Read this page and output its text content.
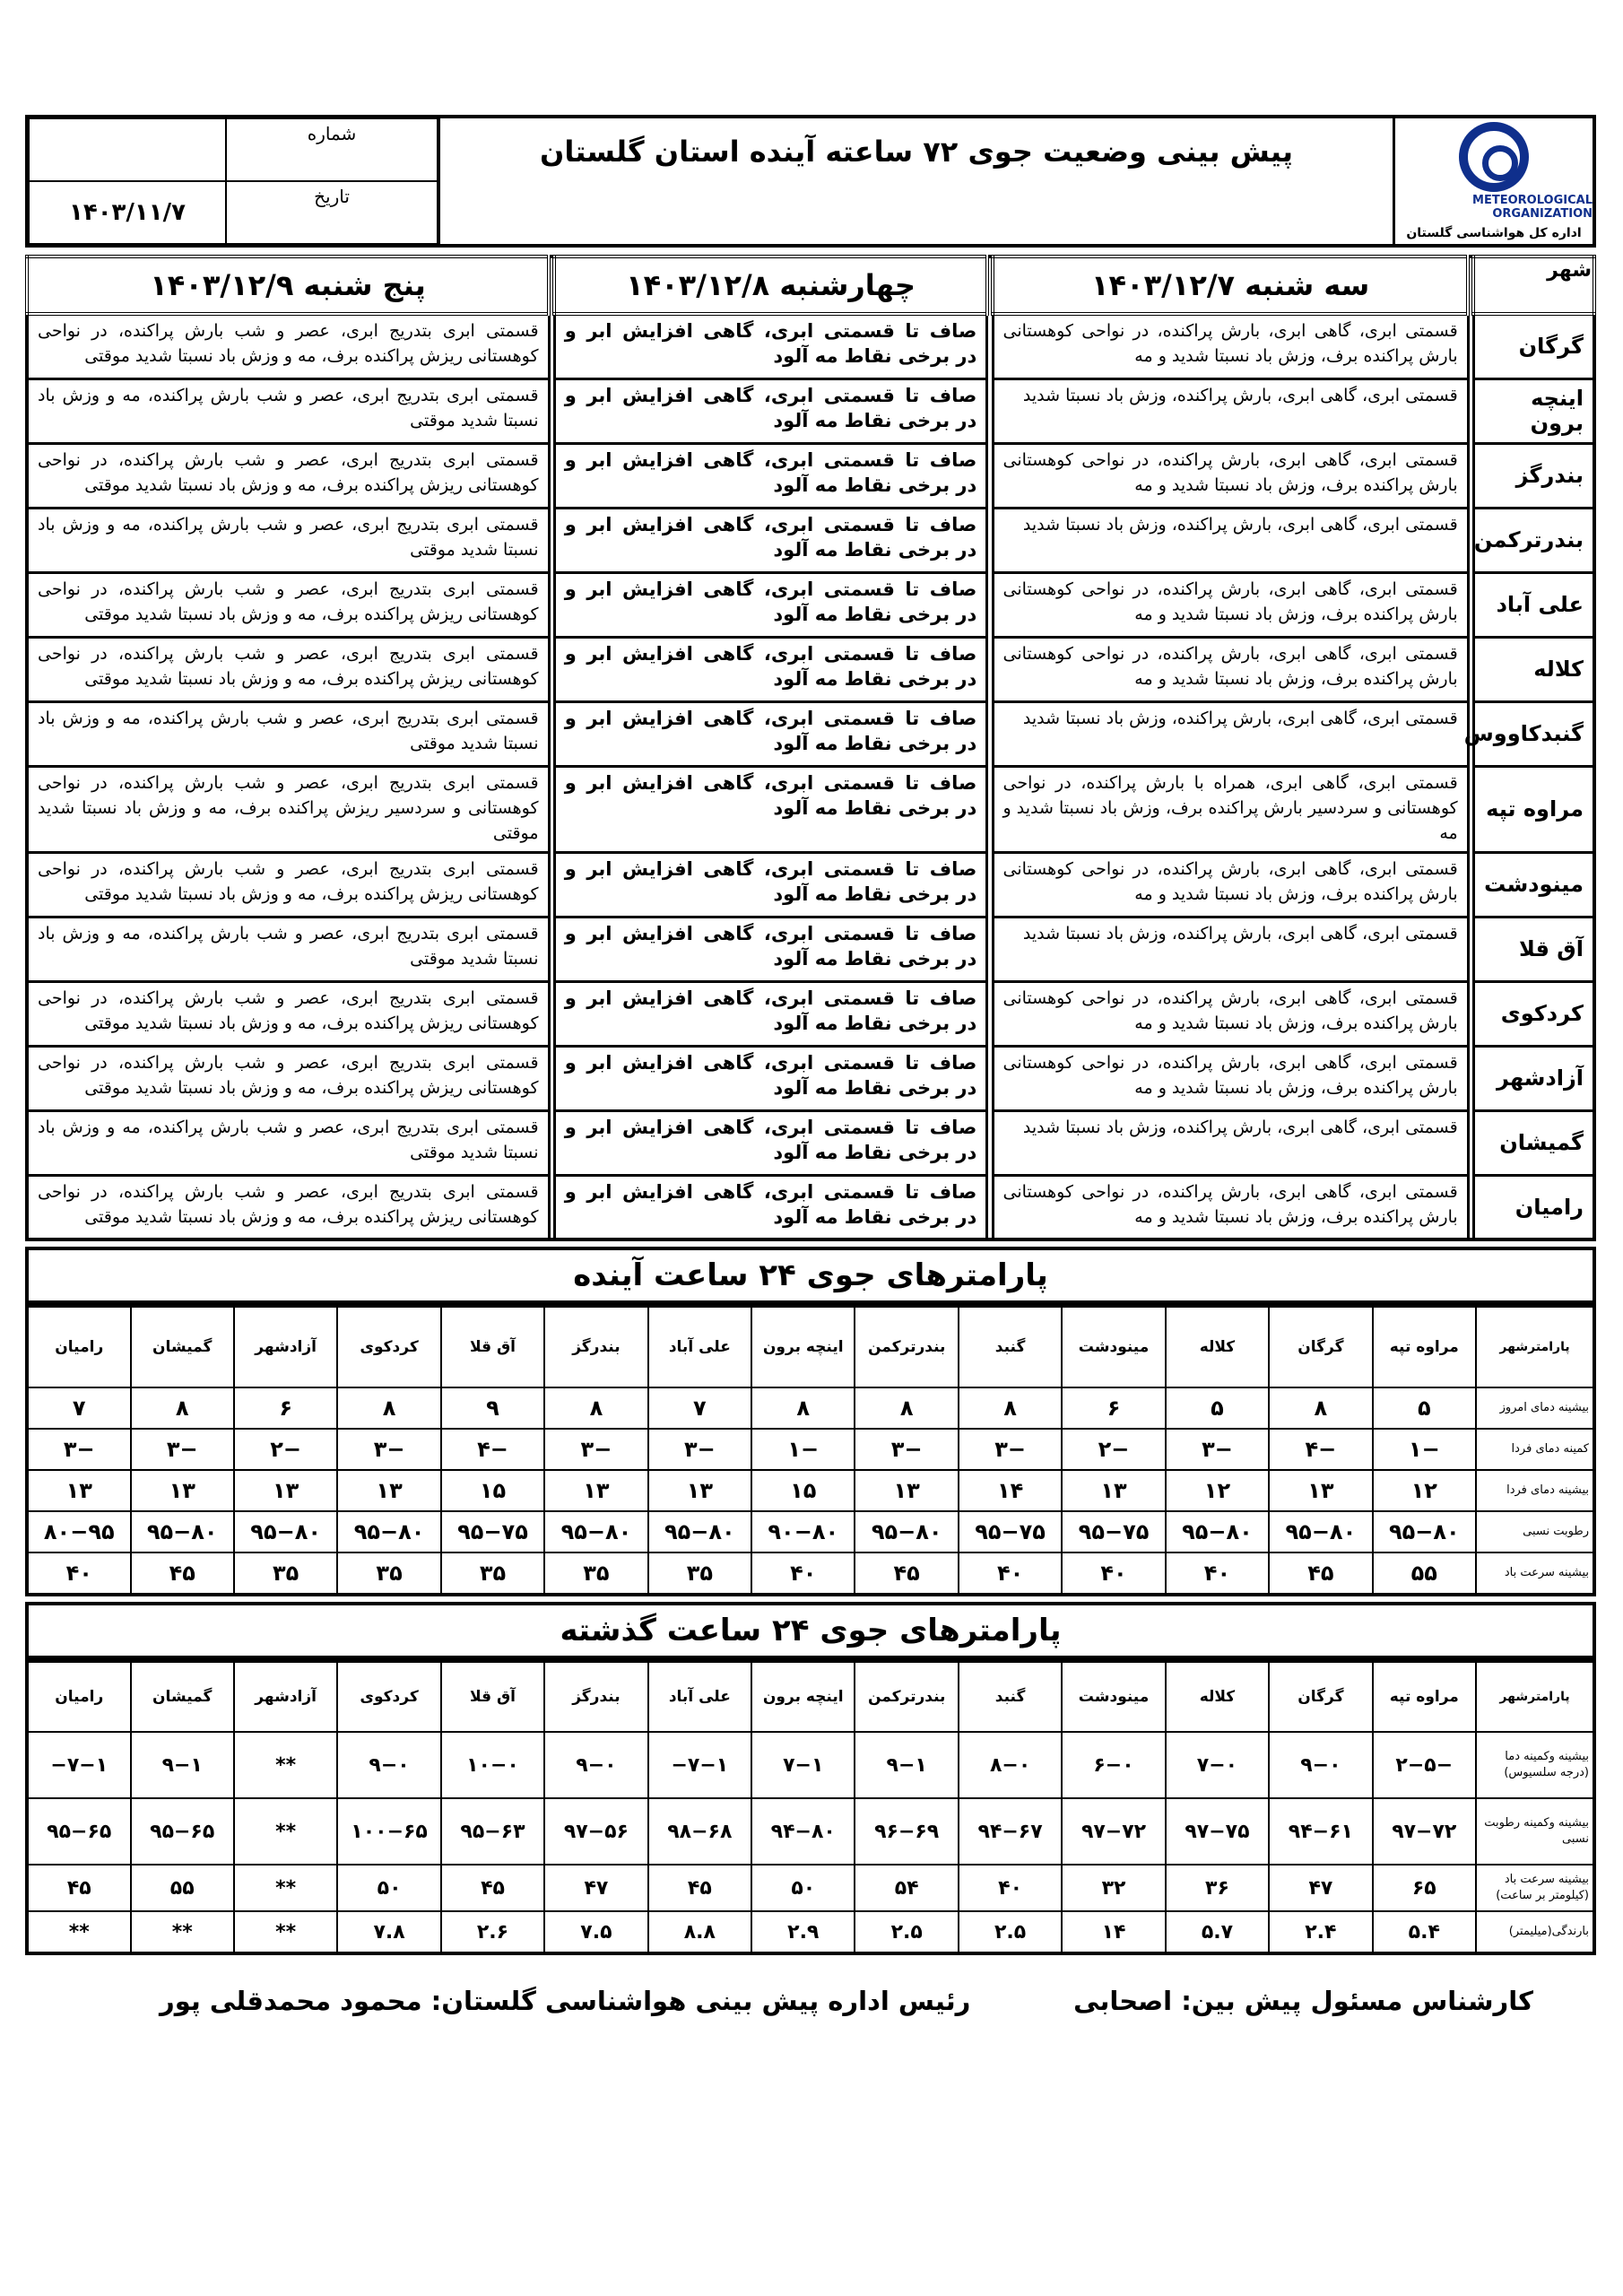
METEOROLOGICAL ORGANIZATION
اداره کل هواشناسی گلستان
پیش بینی وضعیت جوی ۷۲ ساعته آینده استان گلستان
شماره
۱۴۰۳/۱۱/۷
تاریخ
شهر		سه شنبه ۱۴۰۳/۱۲/۷		چهارشنبه ۱۴۰۳/۱۲/۸		پنج شنبه ۱۴۰۳/۱۲/۹
گرگان		قسمتی ابری، گاهی ابری، بارش پراکنده، در نواحی کوهستانی بارش پراکنده برف، وزش باد نسبتا شدید و مه		صاف تا قسمتی ابری، گاهی افزایش ابر و در برخی نقاط مه آلود		قسمتی ابری بتدریج ابری، عصر و شب بارش پراکنده، در نواحی کوهستانی ریزش پراکنده برف، مه و وزش باد نسبتا شدید موقتی
اینچه برون		قسمتی ابری، گاهی ابری، بارش پراکنده، وزش باد نسبتا شدید		صاف تا قسمتی ابری، گاهی افزایش ابر و در برخی نقاط مه آلود		قسمتی ابری بتدریج ابری، عصر و شب بارش پراکنده، مه و وزش باد نسبتا شدید موقتی
بندرگز		قسمتی ابری، گاهی ابری، بارش پراکنده، در نواحی کوهستانی بارش پراکنده برف، وزش باد نسبتا شدید و مه		صاف تا قسمتی ابری، گاهی افزایش ابر و در برخی نقاط مه آلود		قسمتی ابری بتدریج ابری، عصر و شب بارش پراکنده، در نواحی کوهستانی ریزش پراکنده برف، مه و وزش باد نسبتا شدید موقتی
بندرترکمن		قسمتی ابری، گاهی ابری، بارش پراکنده، وزش باد نسبتا شدید		صاف تا قسمتی ابری، گاهی افزایش ابر و در برخی نقاط مه آلود		قسمتی ابری بتدریج ابری، عصر و شب بارش پراکنده، مه و وزش باد نسبتا شدید موقتی
علی آباد		قسمتی ابری، گاهی ابری، بارش پراکنده، در نواحی کوهستانی بارش پراکنده برف، وزش باد نسبتا شدید و مه		صاف تا قسمتی ابری، گاهی افزایش ابر و در برخی نقاط مه آلود		قسمتی ابری بتدریج ابری، عصر و شب بارش پراکنده، در نواحی کوهستانی ریزش پراکنده برف، مه و وزش باد نسبتا شدید موقتی
کلاله		قسمتی ابری، گاهی ابری، بارش پراکنده، در نواحی کوهستانی بارش پراکنده برف، وزش باد نسبتا شدید و مه		صاف تا قسمتی ابری، گاهی افزایش ابر و در برخی نقاط مه آلود		قسمتی ابری بتدریج ابری، عصر و شب بارش پراکنده، در نواحی کوهستانی ریزش پراکنده برف، مه و وزش باد نسبتا شدید موقتی
گنبدکاووس		قسمتی ابری، گاهی ابری، بارش پراکنده، وزش باد نسبتا شدید		صاف تا قسمتی ابری، گاهی افزایش ابر و در برخی نقاط مه آلود		قسمتی ابری بتدریج ابری، عصر و شب بارش پراکنده، مه و وزش باد نسبتا شدید موقتی
مراوه تپه		قسمتی ابری، گاهی ابری، همراه با بارش پراکنده، در نواحی کوهستانی و سردسیر بارش پراکنده برف، وزش باد نسبتا شدید و مه		صاف تا قسمتی ابری، گاهی افزایش ابر و در برخی نقاط مه آلود		قسمتی ابری بتدریج ابری، عصر و شب بارش پراکنده، در نواحی کوهستانی و سردسیر ریزش پراکنده برف، مه و وزش باد نسبتا شدید موقتی
مینودشت		قسمتی ابری، گاهی ابری، بارش پراکنده، در نواحی کوهستانی بارش پراکنده برف، وزش باد نسبتا شدید و مه		صاف تا قسمتی ابری، گاهی افزایش ابر و در برخی نقاط مه آلود		قسمتی ابری بتدریج ابری، عصر و شب بارش پراکنده، در نواحی کوهستانی ریزش پراکنده برف، مه و وزش باد نسبتا شدید موقتی
آق قلا		قسمتی ابری، گاهی ابری، بارش پراکنده، وزش باد نسبتا شدید		صاف تا قسمتی ابری، گاهی افزایش ابر و در برخی نقاط مه آلود		قسمتی ابری بتدریج ابری، عصر و شب بارش پراکنده، مه و وزش باد نسبتا شدید موقتی
کردکوی		قسمتی ابری، گاهی ابری، بارش پراکنده، در نواحی کوهستانی بارش پراکنده برف، وزش باد نسبتا شدید و مه		صاف تا قسمتی ابری، گاهی افزایش ابر و در برخی نقاط مه آلود		قسمتی ابری بتدریج ابری، عصر و شب بارش پراکنده، در نواحی کوهستانی ریزش پراکنده برف، مه و وزش باد نسبتا شدید موقتی
آزادشهر		قسمتی ابری، گاهی ابری، بارش پراکنده، در نواحی کوهستانی بارش پراکنده برف، وزش باد نسبتا شدید و مه		صاف تا قسمتی ابری، گاهی افزایش ابر و در برخی نقاط مه آلود		قسمتی ابری بتدریج ابری، عصر و شب بارش پراکنده، در نواحی کوهستانی ریزش پراکنده برف، مه و وزش باد نسبتا شدید موقتی
گمیشان		قسمتی ابری، گاهی ابری، بارش پراکنده، وزش باد نسبتا شدید		صاف تا قسمتی ابری، گاهی افزایش ابر و در برخی نقاط مه آلود		قسمتی ابری بتدریج ابری، عصر و شب بارش پراکنده، مه و وزش باد نسبتا شدید موقتی
رامیان		قسمتی ابری، گاهی ابری، بارش پراکنده، در نواحی کوهستانی بارش پراکنده برف، وزش باد نسبتا شدید و مه		صاف تا قسمتی ابری، گاهی افزایش ابر و در برخی نقاط مه آلود		قسمتی ابری بتدریج ابری، عصر و شب بارش پراکنده، در نواحی کوهستانی ریزش پراکنده برف، مه و وزش باد نسبتا شدید موقتی
پارامترهای جوی ۲۴ ساعت آینده
پارامترشهر	مراوه تپه	گرگان	کلاله	مینودشت	گنبد	بندرترکمن	اینچه برون	علی آباد	بندرگز	آق قلا	کردکوی	آزادشهر	گمیشان	رامیان
بیشینه دمای امروز	۵	۸	۵	۶	۸	۸	۸	۷	۸	۹	۸	۶	۸	۷
کمینه دمای فردا	−۱	−۴	−۳	−۲	−۳	−۳	−۱	−۳	−۳	−۴	−۳	−۲	−۳	−۳
بیشینه دمای فردا	۱۲	۱۳	۱۲	۱۳	۱۴	۱۳	۱۵	۱۳	۱۳	۱۵	۱۳	۱۳	۱۳	۱۳
رطوبت نسبی	۹۵−۸۰	۹۵−۸۰	۹۵−۸۰	۹۵−۷۵	۹۵−۷۵	۹۵−۸۰	۹۰−۸۰	۹۵−۸۰	۹۵−۸۰	۹۵−۷۵	۹۵−۸۰	۹۵−۸۰	۹۵−۸۰	۸۰−۹۵
بیشینه سرعت باد	۵۵	۴۵	۴۰	۴۰	۴۰	۴۵	۴۰	۳۵	۳۵	۳۵	۳۵	۳۵	۴۵	۴۰
پارامترهای جوی ۲۴ ساعت گذشته
پارامترشهر	مراوه تپه	گرگان	کلاله	مینودشت	گنبد	بندرترکمن	اینچه برون	علی آباد	بندرگز	آق قلا	کردکوی	آزادشهر	گمیشان	رامیان
بیشینه وکمینه دما (درجه سلسیوس)	−۲−۵	۹−۰	۷−۰	۶−۰	۸−۰	۹−۱	۷−۱	۷−۱−	۹−۰	۱۰−۰	۹−۰	**	۹−۱	۷−۱−
بیشینه وکمینه رطوبت نسبی	۹۷−۷۲	۹۴−۶۱	۹۷−۷۵	۹۷−۷۲	۹۴−۶۷	۹۶−۶۹	۹۴−۸۰	۹۸−۶۸	۹۷−۵۶	۹۵−۶۳	۱۰۰−۶۵	**	۹۵−۶۵	۹۵−۶۵
بیشینه سرعت باد (کیلومتر بر ساعت)	۶۵	۴۷	۳۶	۳۲	۴۰	۵۴	۵۰	۴۵	۴۷	۴۵	۵۰	**	۵۵	۴۵
بارندگی(میلیمتر)	۵.۴	۲.۴	۵.۷	۱۴	۲.۵	۲.۵	۲.۹	۸.۸	۷.۵	۲.۶	۷.۸	**	**	**
کارشناس مسئول پیش بین: اصحابی
رئیس اداره پیش بینی هواشناسی گلستان: محمود محمدقلی پور
